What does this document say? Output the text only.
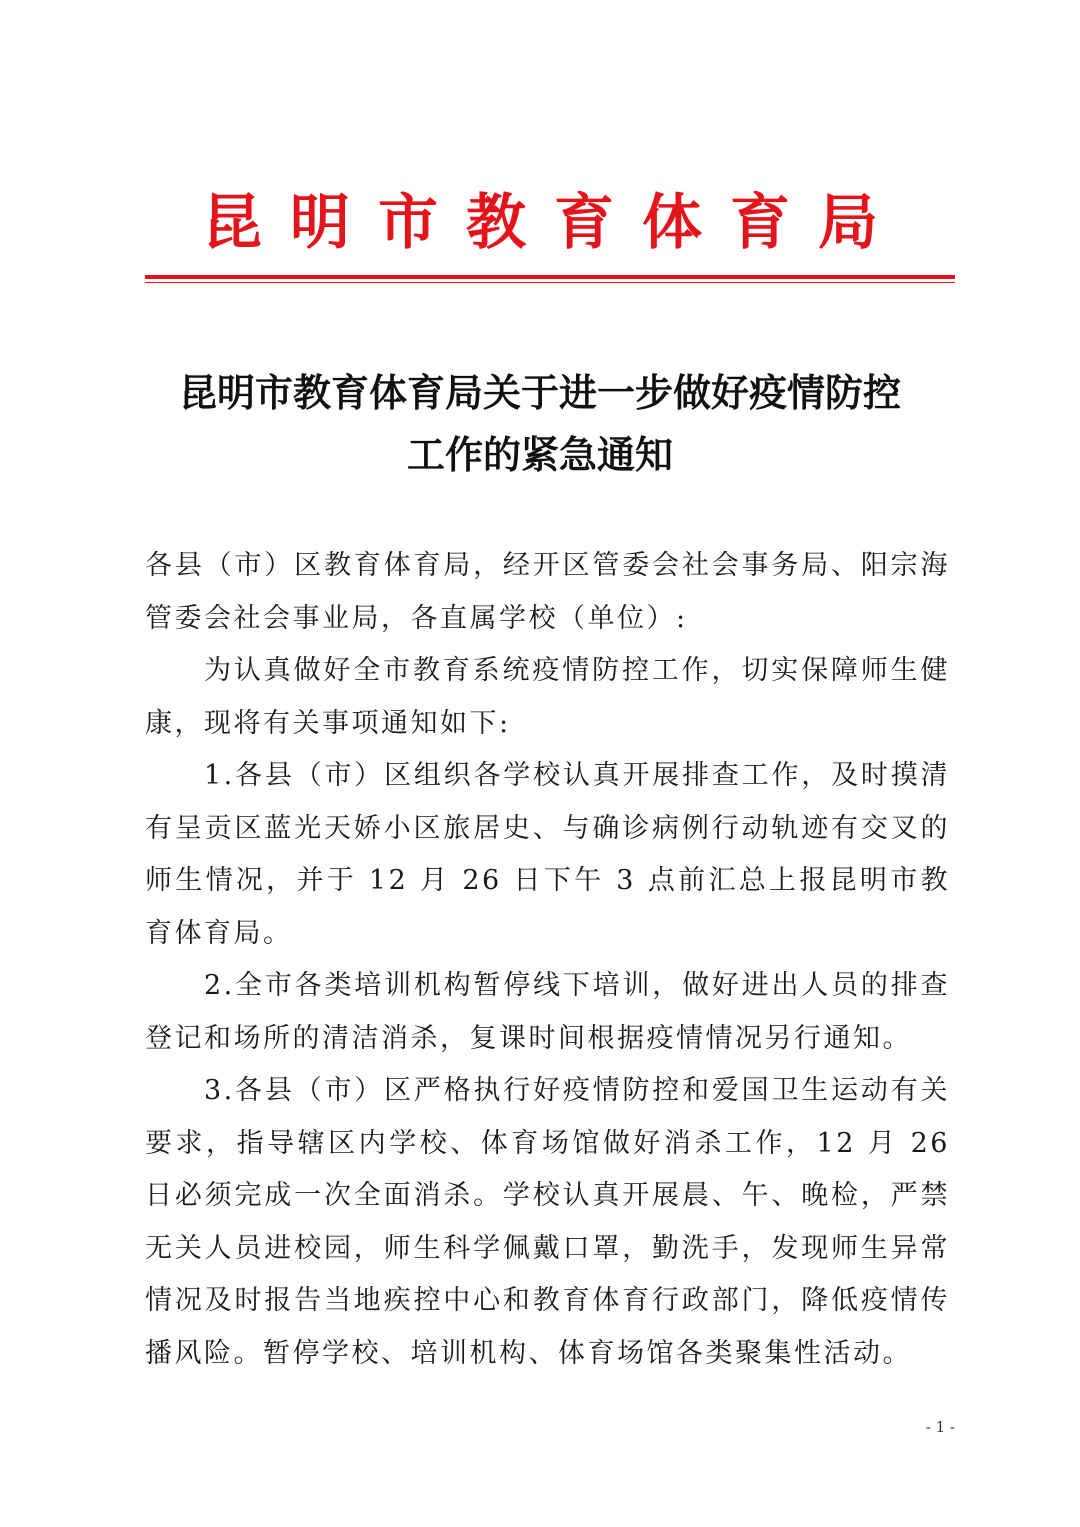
昆明市教育体育局
昆明市教育体育局关于进一步做好疫情防控
工作的紧急通知

各县（市）区教育体育局，经开区管委会社会事务局、阳宗海管委会社会事业局，各直属学校（单位）:

为认真做好全市教育系统疫情防控工作，切实保障师生健康，现将有关事项通知如下:

1.各县（市）区组织各学校认真开展排查工作，及时摸清有呈贡区蓝光天娇小区旅居史、与确诊病例行动轨迹有交叉的师生情况，并于 12 月 26 日下午 3 点前汇总上报昆明市教育体育局。

2.全市各类培训机构暂停线下培训，做好进出人员的排查登记和场所的清洁消杀，复课时间根据疫情情况另行通知。

3.各县（市）区严格执行好疫情防控和爱国卫生运动有关要求，指导辖区内学校、体育场馆做好消杀工作，12 月 26 日必须完成一次全面消杀。学校认真开展晨、午、晚检，严禁无关人员进校园，师生科学佩戴口罩，勤洗手，发现师生异常情况及时报告当地疾控中心和教育体育行政部门，降低疫情传播风险。暂停学校、培训机构、体育场馆各类聚集性活动。

- 1 -
